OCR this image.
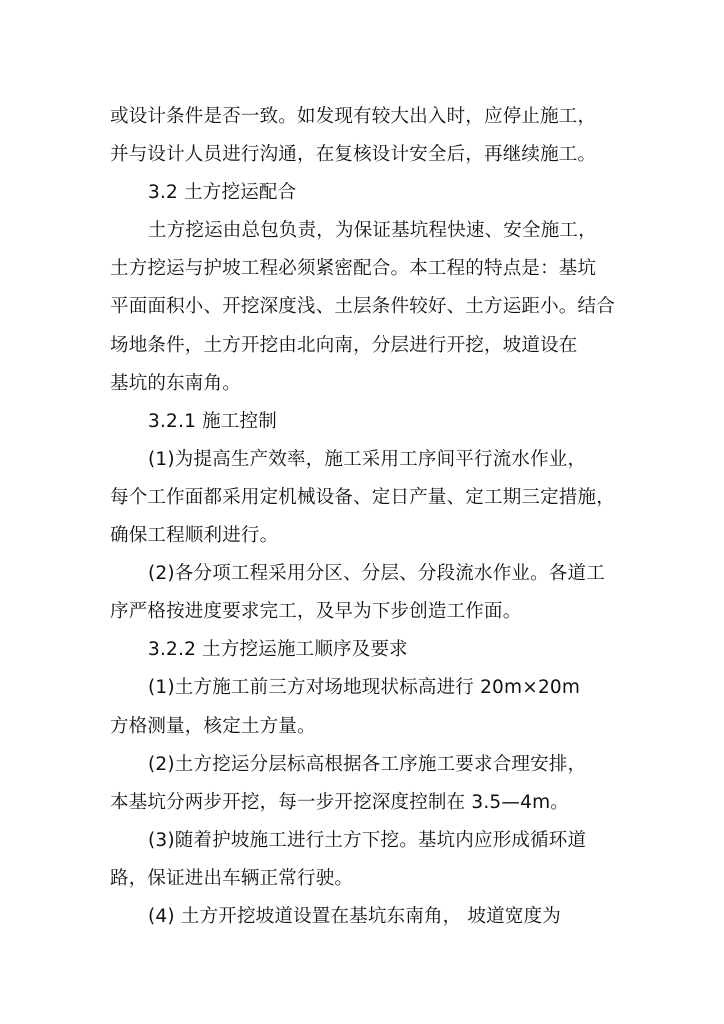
或设计条件是否一致。如发现有较大出入时，应停止施工，
并与设计人员进行沟通，在复核设计安全后，再继续施工。
3.2 土方挖运配合
土方挖运由总包负责，为保证基坑程快速、安全施工，
土方挖运与护坡工程必须紧密配合。本工程的特点是：基坑
平面面积小、开挖深度浅、土层条件较好、土方运距小。结合
场地条件，土方开挖由北向南，分层进行开挖，坡道设在
基坑的东南角。
3.2.1 施工控制
(1)为提高生产效率，施工采用工序间平行流水作业，
每个工作面都采用定机械设备、定日产量、定工期三定措施，
确保工程顺利进行。
(2)各分项工程采用分区、分层、分段流水作业。各道工
序严格按进度要求完工，及早为下步创造工作面。
3.2.2 土方挖运施工顺序及要求
(1)土方施工前三方对场地现状标高进行 20m×20m
方格测量，核定土方量。
(2)土方挖运分层标高根据各工序施工要求合理安排，
本基坑分两步开挖，每一步开挖深度控制在 3.5—4m。
(3)随着护坡施工进行土方下挖。基坑内应形成循环道
路，保证进出车辆正常行驶。
(4) 土方开挖坡道设置在基坑东南角， 坡道宽度为
